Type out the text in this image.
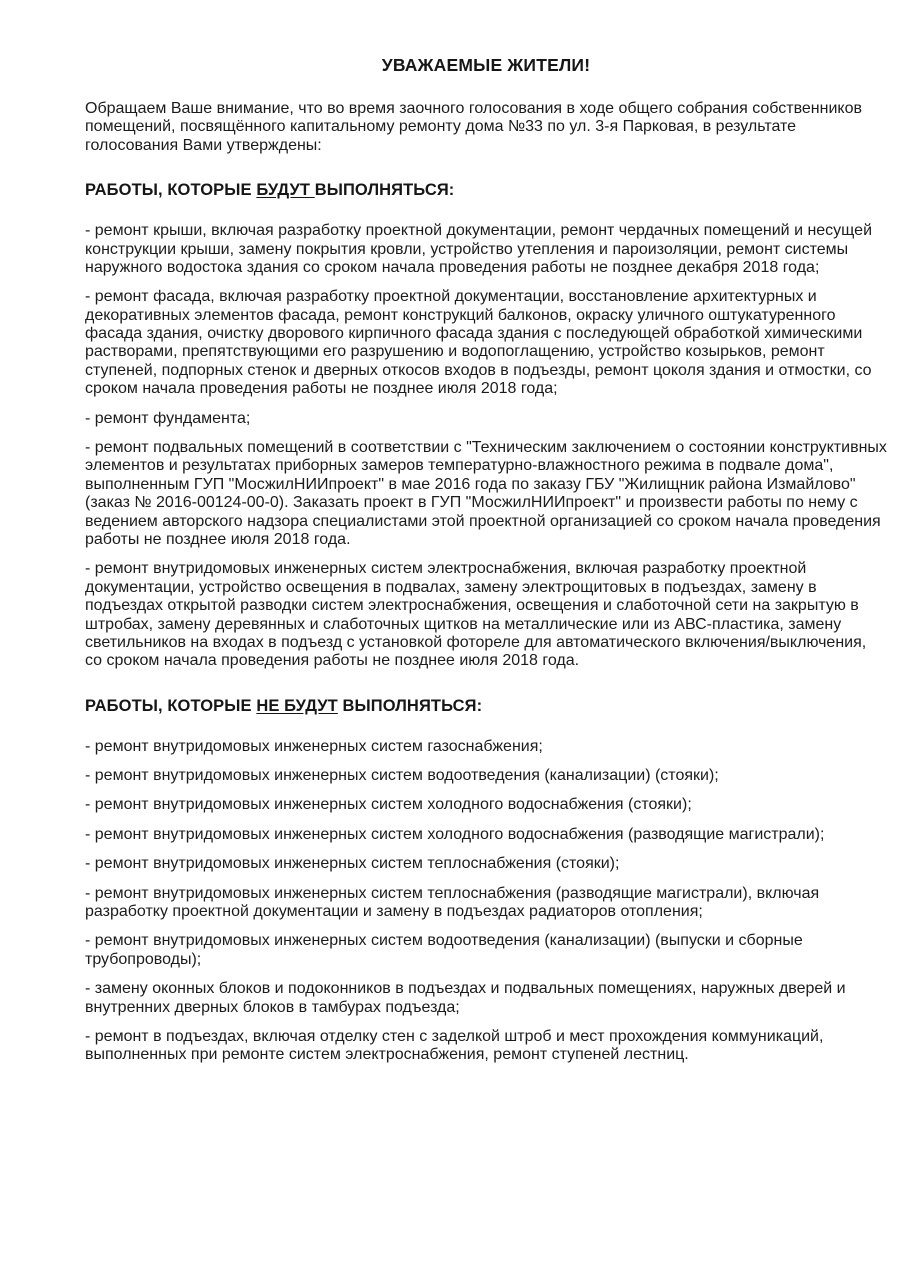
УВАЖАЕМЫЕ ЖИТЕЛИ!

Обращаем Ваше внимание, что во время заочного голосования в ходе общего собрания собственников помещений, посвящённого капитальному ремонту дома №33 по ул. 3-я Парковая, в результате голосования Вами утверждены:

РАБОТЫ, КОТОРЫЕ БУДУТ ВЫПОЛНЯТЬСЯ:

- ремонт крыши, включая разработку проектной документации, ремонт чердачных помещений и несущей конструкции крыши, замену покрытия кровли, устройство утепления и пароизоляции, ремонт системы наружного водостока здания со сроком начала проведения работы не позднее декабря 2018 года;

- ремонт фасада, включая разработку проектной документации, восстановление архитектурных и декоративных элементов фасада, ремонт конструкций балконов, окраску уличного оштукатуренного фасада здания, очистку дворового кирпичного фасада здания с последующей обработкой химическими растворами, препятствующими его разрушению и водопоглащению, устройство козырьков, ремонт ступеней, подпорных стенок и дверных откосов входов в подъезды, ремонт цоколя здания и отмостки, со сроком начала проведения работы не позднее июля 2018 года;

- ремонт фундамента;

- ремонт подвальных помещений в соответствии с "Техническим заключением о состоянии конструктивных элементов и результатах приборных замеров температурно-влажностного режима в подвале дома", выполненным ГУП "МосжилНИИпроект" в мае 2016 года по заказу ГБУ "Жилищник района Измайлово" (заказ № 2016-00124-00-0). Заказать проект в ГУП "МосжилНИИпроект" и произвести работы по нему с ведением авторского надзора специалистами этой проектной организацией со сроком начала проведения работы не позднее июля 2018 года.

- ремонт внутридомовых инженерных систем электроснабжения, включая разработку проектной документации, устройство освещения в подвалах, замену электрощитовых в подъездах, замену в подъездах открытой разводки систем электроснабжения, освещения и слаботочной сети на закрытую в штробах, замену деревянных и слаботочных щитков на металлические или из АВС-пластика, замену светильников на входах в подъезд с установкой фотореле для автоматического включения/выключения, со сроком начала проведения работы не позднее июля 2018 года.

РАБОТЫ, КОТОРЫЕ НЕ БУДУТ ВЫПОЛНЯТЬСЯ:

- ремонт внутридомовых инженерных систем газоснабжения;

- ремонт внутридомовых инженерных систем водоотведения (канализации) (стояки);

- ремонт внутридомовых инженерных систем холодного водоснабжения (стояки);

- ремонт внутридомовых инженерных систем холодного водоснабжения (разводящие магистрали);

- ремонт внутридомовых инженерных систем теплоснабжения (стояки);

- ремонт внутридомовых инженерных систем теплоснабжения (разводящие магистрали), включая разработку проектной документации и замену в подъездах радиаторов отопления;

- ремонт внутридомовых инженерных систем водоотведения (канализации) (выпуски и сборные трубопроводы);

- замену оконных блоков и подоконников в подъездах и подвальных помещениях, наружных дверей и внутренних дверных блоков в тамбурах подъезда;

- ремонт в подъездах, включая отделку стен с заделкой штроб и мест прохождения коммуникаций, выполненных при ремонте систем электроснабжения, ремонт ступеней лестниц.
